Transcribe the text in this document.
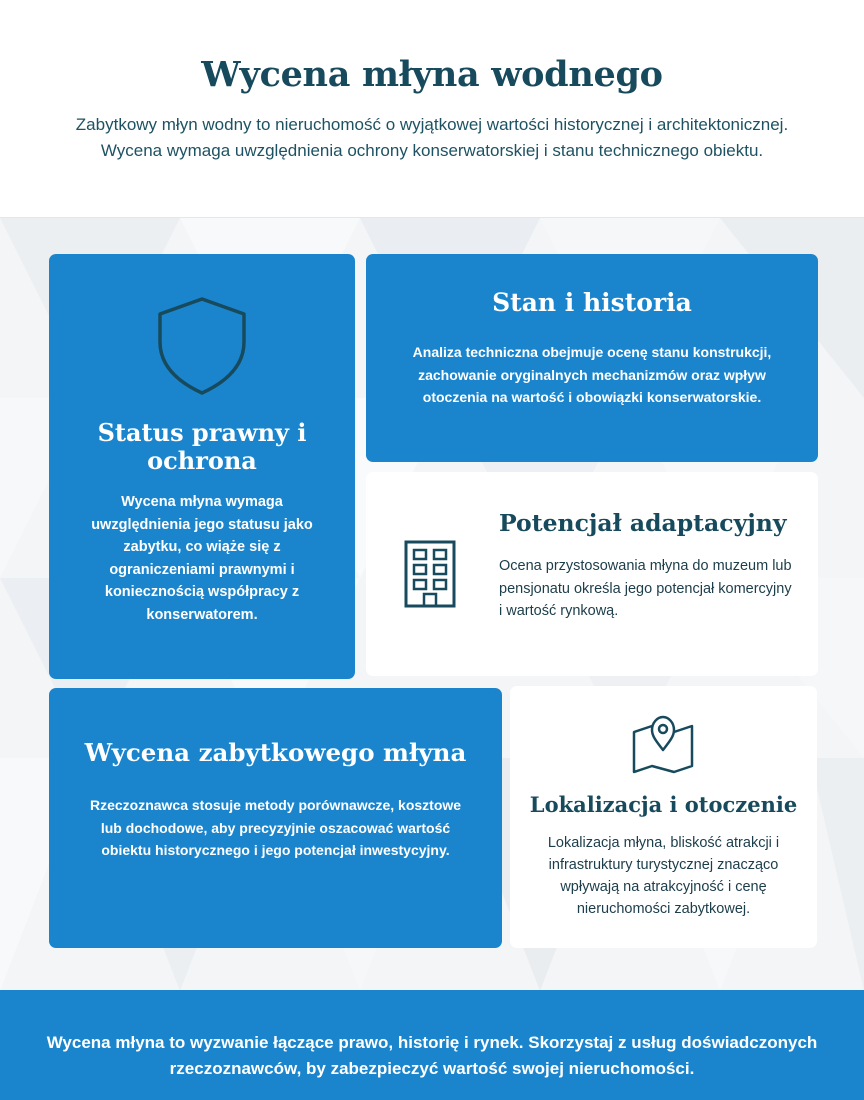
Wycena młyna wodnego

Zabytkowy młyn wodny to nieruchomość o wyjątkowej wartości historycznej i architektonicznej.
Wycena wymaga uwzględnienia ochrony konserwatorskiej i stanu technicznego obiektu.

Status prawny i ochrona

Wycena młyna wymaga uwzględnienia jego statusu jako zabytku, co wiąże się z ograniczeniami prawnymi i koniecznością współpracy z konserwatorem.

Stan i historia

Analiza techniczna obejmuje ocenę stanu konstrukcji, zachowanie oryginalnych mechanizmów oraz wpływ otoczenia na wartość i obowiązki konserwatorskie.

Potencjał adaptacyjny

Ocena przystosowania młyna do muzeum lub pensjonatu określa jego potencjał komercyjny i wartość rynkową.

Wycena zabytkowego młyna

Rzeczoznawca stosuje metody porównawcze, kosztowe lub dochodowe, aby precyzyjnie oszacować wartość obiektu historycznego i jego potencjał inwestycyjny.

Lokalizacja i otoczenie

Lokalizacja młyna, bliskość atrakcji i infrastruktury turystycznej znacząco wpływają na atrakcyjność i cenę nieruchomości zabytkowej.

Wycena młyna to wyzwanie łączące prawo, historię i rynek. Skorzystaj z usług doświadczonych rzeczoznawców, by zabezpieczyć wartość swojej nieruchomości.
